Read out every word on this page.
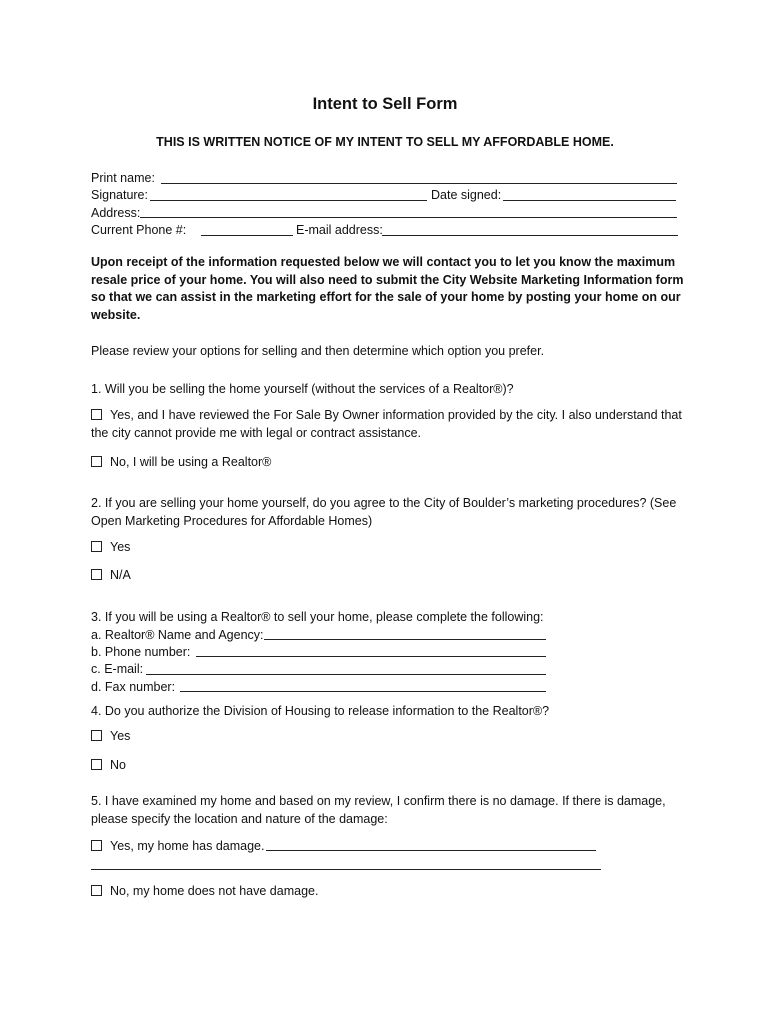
Intent to Sell Form
THIS IS WRITTEN NOTICE OF MY INTENT TO SELL MY AFFORDABLE HOME.
Print name:
Signature:	Date signed:
Address:
Current Phone #:	E-mail address:
Upon receipt of the information requested below we will contact you to let you know the maximum resale price of your home. You will also need to submit the City Website Marketing Information form so that we can assist in the marketing effort for the sale of your home by posting your home on our website.
Please review your options for selling and then determine which option you prefer.
1. Will you be selling the home yourself (without the services of a Realtor®)?
Yes, and I have reviewed the For Sale By Owner information provided by the city. I also understand that the city cannot provide me with legal or contract assistance.
No, I will be using a Realtor®
2. If you are selling your home yourself, do you agree to the City of Boulder’s marketing procedures? (See Open Marketing Procedures for Affordable Homes)
Yes
N/A
3. If you will be using a Realtor® to sell your home, please complete the following:
a. Realtor® Name and Agency:
b. Phone number:
c. E-mail:
d. Fax number:
4. Do you authorize the Division of Housing to release information to the Realtor®?
Yes
No
5. I have examined my home and based on my review, I confirm there is no damage. If there is damage, please specify the location and nature of the damage:
Yes, my home has damage.
No, my home does not have damage.
